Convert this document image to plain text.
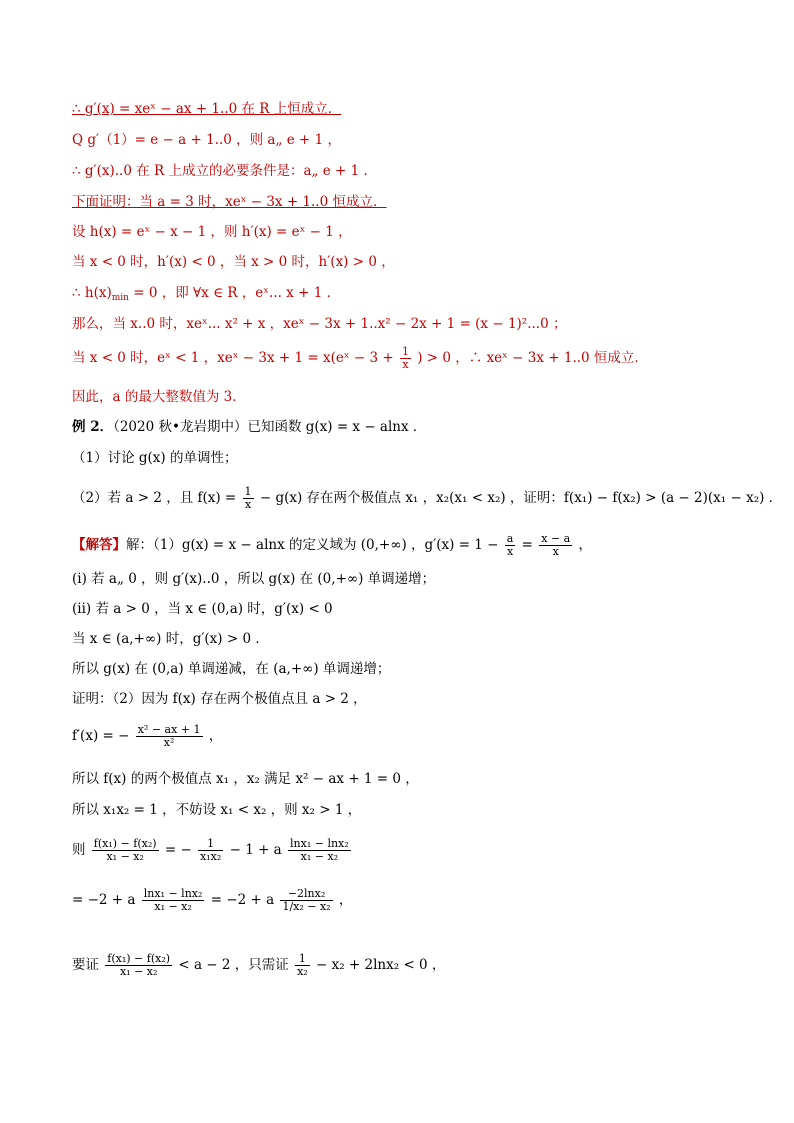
∴ g′(x) = xeˣ − ax + 1..0 在 R 上恒成立．
Q g′（1）= e − a + 1..0 ，则 a„ e + 1 ，
∴ g′(x)..0 在 R 上成立的必要条件是：a„ e + 1 ．
下面证明：当 a = 3 时，xeˣ − 3x + 1..0 恒成立．
设 h(x) = eˣ − x − 1 ，则 h′(x) = eˣ − 1 ，
当 x < 0 时，h′(x) < 0 ，当 x > 0 时，h′(x) > 0 ，
∴ $h(x)_{min} = 0$ ，即 ∀x ∈ R ，eˣ... x + 1 ．
那么，当 x..0 时，xeˣ... x² + x ，xeˣ − 3x + 1..x² − 2x + 1 = (x − 1)²...0 ；
当 x < 0 时，eˣ < 1 ，xeˣ − 3x + 1 = x(eˣ − $3 + \frac{1}{x}$ ) > 0 ，∴ xeˣ − 3x + 1..0 恒成立．
因此，a 的最大整数值为 3．
例 2．（2020 秋•龙岩期中）已知函数 g(x) = x − alnx ．
（1）讨论 g(x) 的单调性；
（2）若 a > 2 ，且 $f(x) = \frac{1}{x} - g(x)$ 存在两个极值点 x₁ ，x₂(x₁ < x₂) ，证明：f(x₁) − f(x₂) > (a − 2)(x₁ − x₂) ．
【解答】解：（1）g(x) = x − alnx 的定义域为 (0,+∞) ，$g'(x) = 1 - \frac{a}{x} = \frac{x - a}{x}$ ，
(i) 若 a„ 0 ，则 g′(x)..0 ，所以 g(x) 在 (0,+∞) 单调递增；
(ii) 若 a > 0 ，当 x ∈ (0,a) 时，g′(x) < 0
当 x ∈ (a,+∞) 时，g′(x) > 0 ．
所以 g(x) 在 (0,a) 单调递减，在 (a,+∞) 单调递增；
证明：（2）因为 f(x) 存在两个极值点且 a > 2 ，
f′(x) = − $\frac{\text{x² − ax + 1}}{\text{x²}}$ ，
所以 f(x) 的两个极值点 x₁ ，x₂ 满足 x² − ax + 1 = 0 ，
所以 x₁x₂ = 1 ，不妨设 x₁ < x₂ ，则 x₂ > 1 ，
则 $\frac{\text{f(x₁) − f(x₂)}}{\text{x₁ − x₂}}$ = − $\frac{1}{\text{x₁x₂}} - 1 + a \frac{\text{lnx₁ − lnx₂}}{\text{x₁ − x₂}}$
= −2 + a $\frac{\text{lnx₁ − lnx₂}}{\text{x₁ − x₂}} = -2 + a \frac{\text{−2lnx₂}}{\text{1/x₂ − x₂}}$ ，
要证 $\frac{\text{f(x₁) − f(x₂)}}{\text{x₁ − x₂}} < a - 2$ ，只需证 $\frac{1}{\text{x₂}} - x_2 + 2\ln x_2 < 0$ ，
